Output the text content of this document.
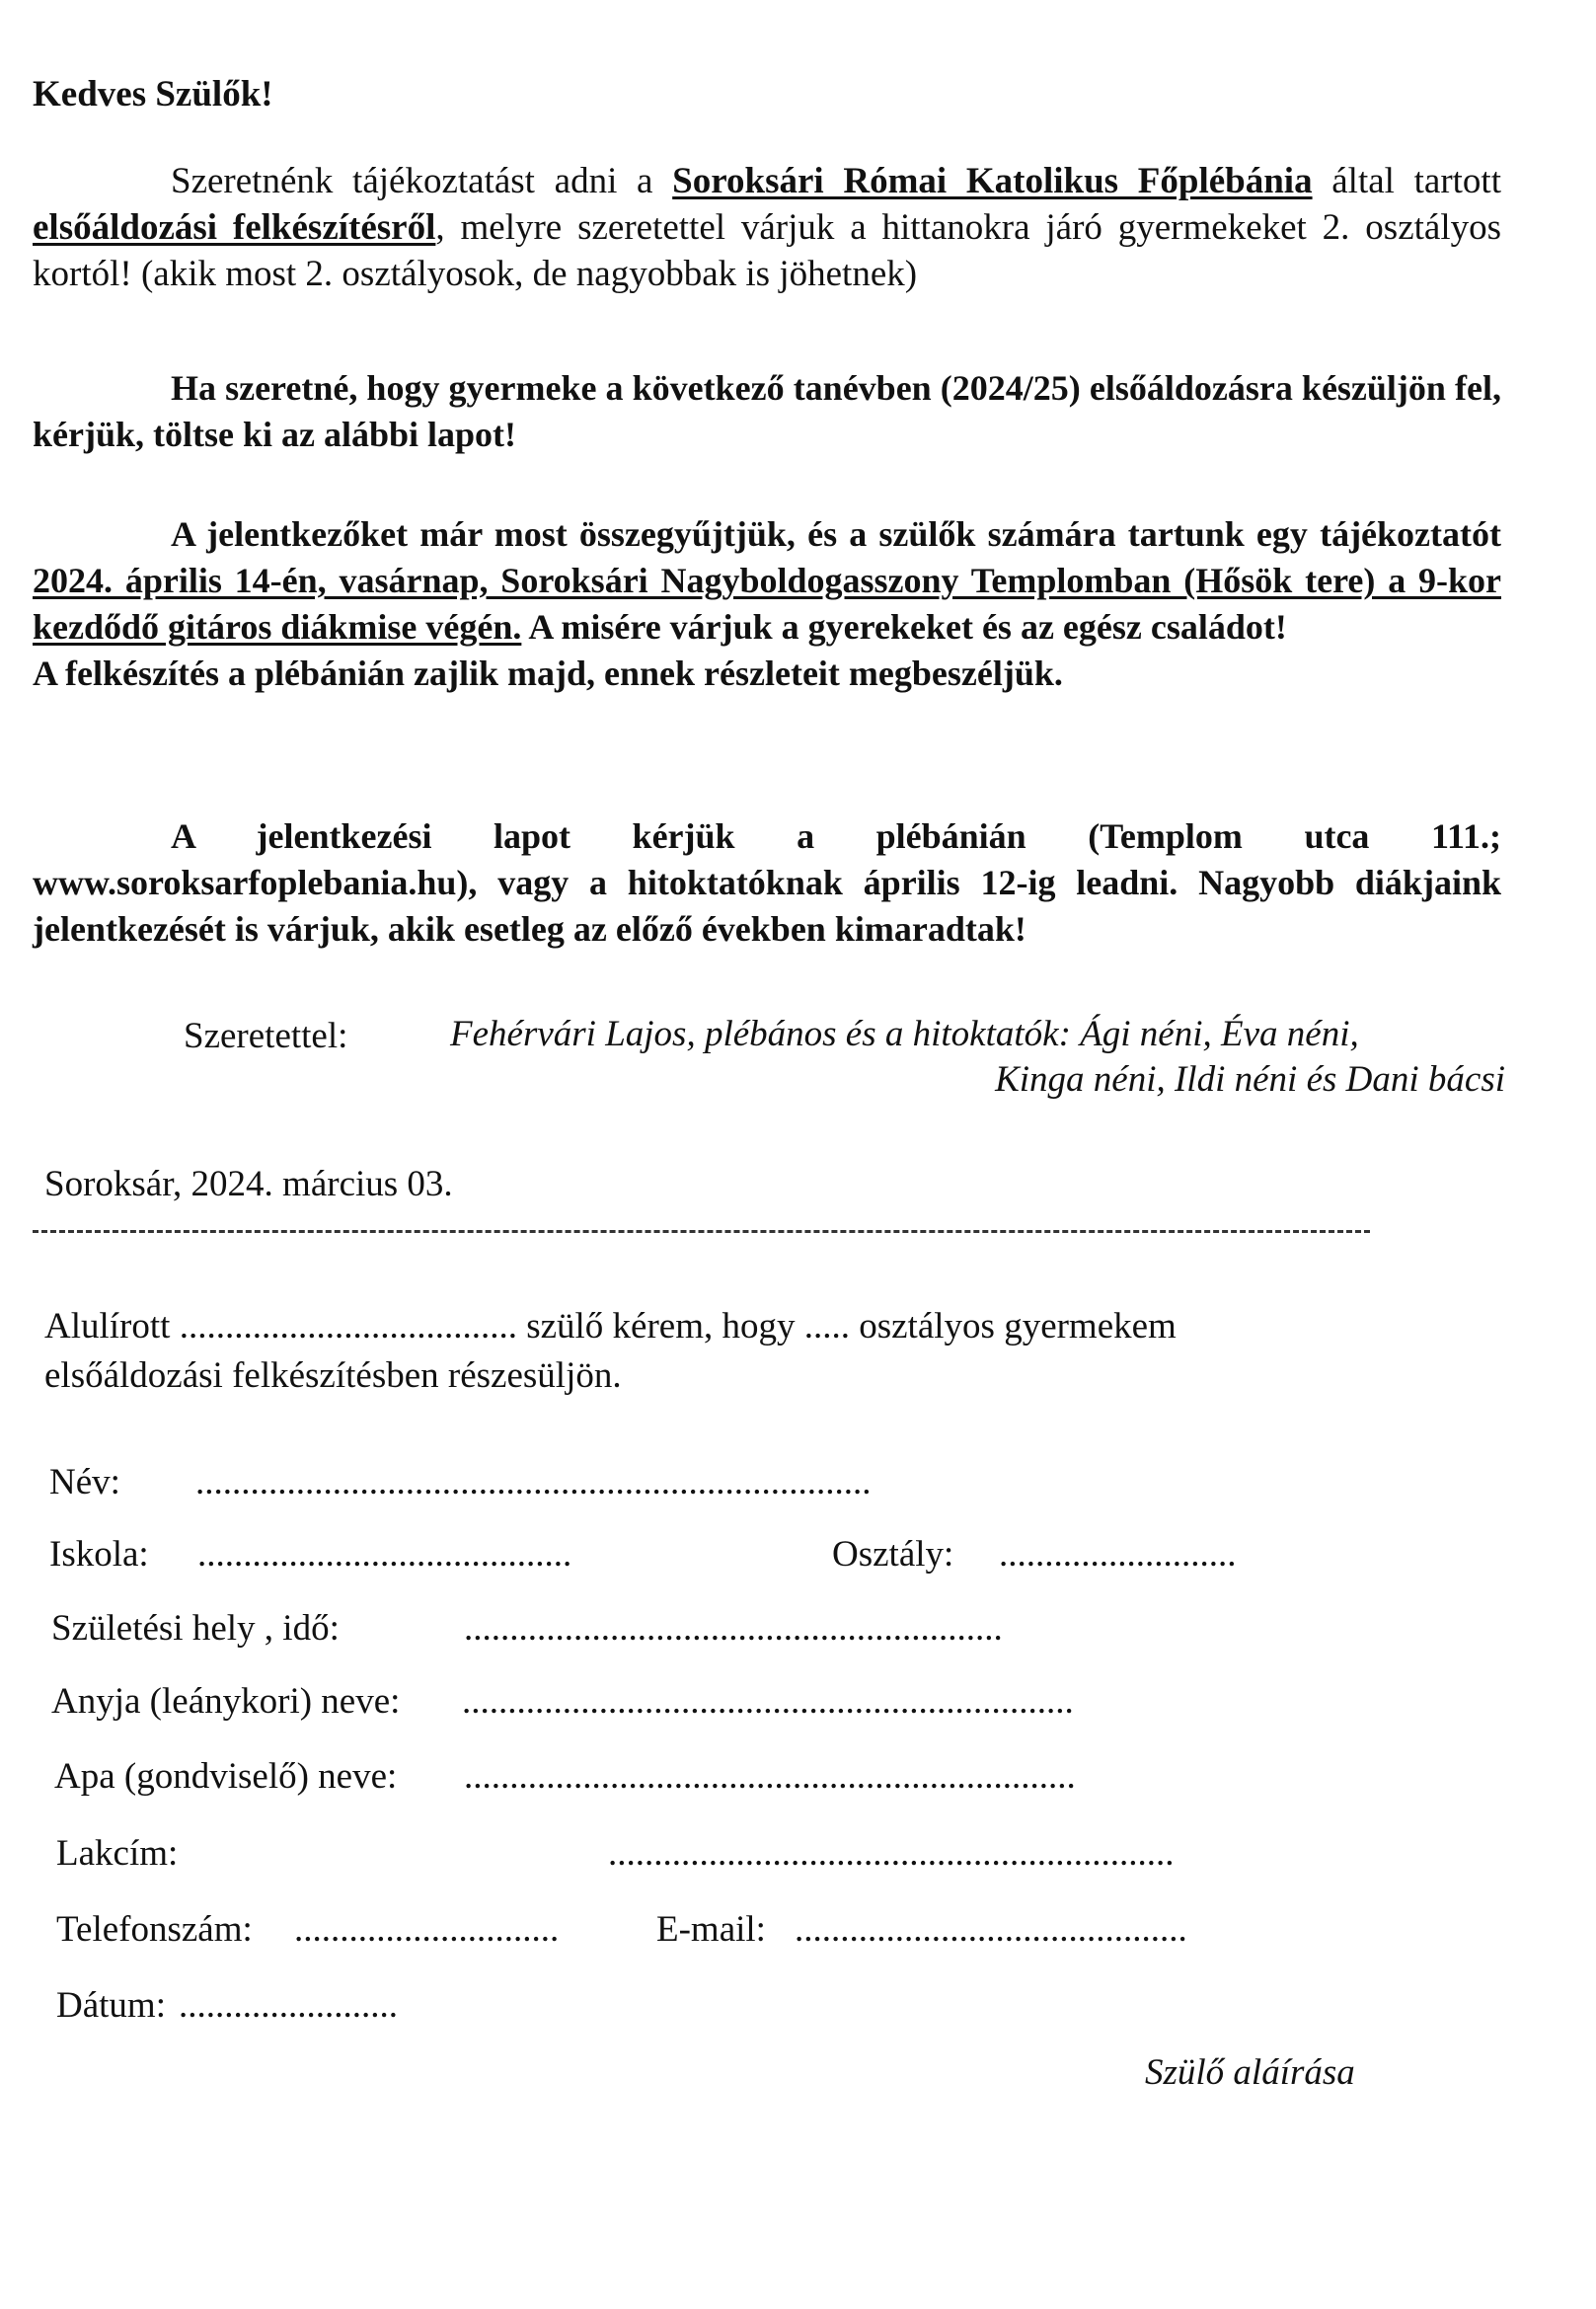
Kedves Szülők!
Szeretnénk tájékoztatást adni a Soroksári Római Katolikus Főplébánia által tartott elsőáldozási felkészítésről, melyre szeretettel várjuk a hittanokra járó gyermekeket 2. osztályos kortól! (akik most 2. osztályosok, de nagyobbak is jöhetnek)
Ha szeretné, hogy gyermeke a következő tanévben (2024/25) elsőáldozásra készüljön fel, kérjük, töltse ki az alábbi lapot!
A jelentkezőket már most összegyűjtjük, és a szülők számára tartunk egy tájékoztatót 2024. április 14-én, vasárnap, Soroksári Nagyboldogasszony Templomban (Hősök tere) a 9-kor kezdődő gitáros diákmise végén. A misére várjuk a gyerekeket és az egész családot!
A felkészítés a plébánián zajlik majd, ennek részleteit megbeszéljük.
A jelentkezési lapot kérjük a plébánián (Templom utca 111.; www.soroksarfoplebania.hu), vagy a hitoktatóknak április 12-ig leadni. Nagyobb diákjaink jelentkezését is várjuk, akik esetleg az előző években kimaradtak!
Szeretettel:	Fehérvári Lajos, plébános és a hitoktatók: Ági néni, Éva néni,
Kinga néni, Ildi néni és Dani bácsi
Soroksár, 2024. március 03.
Alulírott ..................................... szülő kérem, hogy ..... osztályos gyermekem
elsőáldozási felkészítésben részesüljön.
Név: ..........................................................................
Iskola: .........................................	Osztály: ..........................
Születési hely , idő:	...........................................................
Anyja (leánykori) neve: ...................................................................
Apa (gondviselő) neve: ...................................................................
Lakcím:	..............................................................
Telefonszám: .............................	E-mail: ...........................................
Dátum: ........................
Szülő aláírása
